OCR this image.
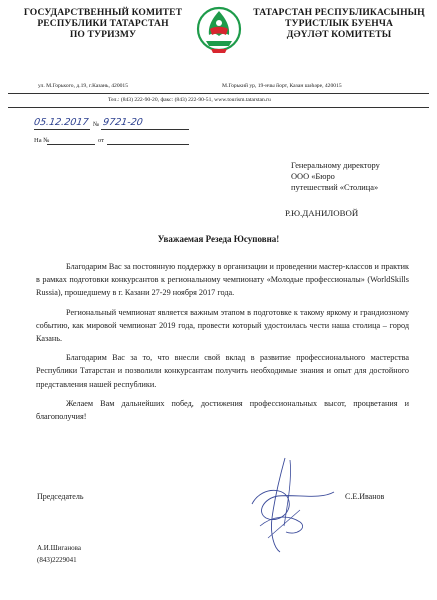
ГОСУДАРСТВЕННЫЙ КОМИТЕТ
РЕСПУБЛИКИ ТАТАРСТАН
ПО ТУРИЗМУ
ТАТАРСТАН РЕСПУБЛИКАСЫНЫҢ
ТУРИСТЛЫК БУЕНЧА
ДӘҮЛӘТ КОМИТЕТЫ
ул. М.Горького, д.19, г.Казань, 420015	М.Горький ур, 19-нчы йорт, Казан шәһәре, 420015
Тел.: (843) 222-90-20, факс: (843) 222-90-51, www.tourism.tatarstan.ru
05.12.2017 № 9721-20
На №	от
Генеральному директору
ООО «Бюро
путешествий «Столица»
Р.Ю.ДАНИЛОВОЙ
Уважаемая Резеда Юсуповна!

Благодарим Вас за постоянную поддержку в организации и проведении мастер-классов и практик в рамках подготовки конкурсантов к региональному чемпионату «Молодые профессионалы» (WorldSkills Russia), прошедшему в г. Казани 27-29 ноября 2017 года.

Региональный чемпионат является важным этапом в подготовке к такому яркому и грандиозному событию, как мировой чемпионат 2019 года, провести который удостоилась чести наша столица – город Казань.

Благодарим Вас за то, что внесли свой вклад в развитие профессионального мастерства Республики Татарстан и позволили конкурсантам получить необходимые знания и опыт для достойного представления нашей республики.

Желаем Вам дальнейших побед, достижения профессиональных высот, процветания и благополучия!

Председатель	С.Е.Иванов
А.И.Шиганова
(843)2229041
